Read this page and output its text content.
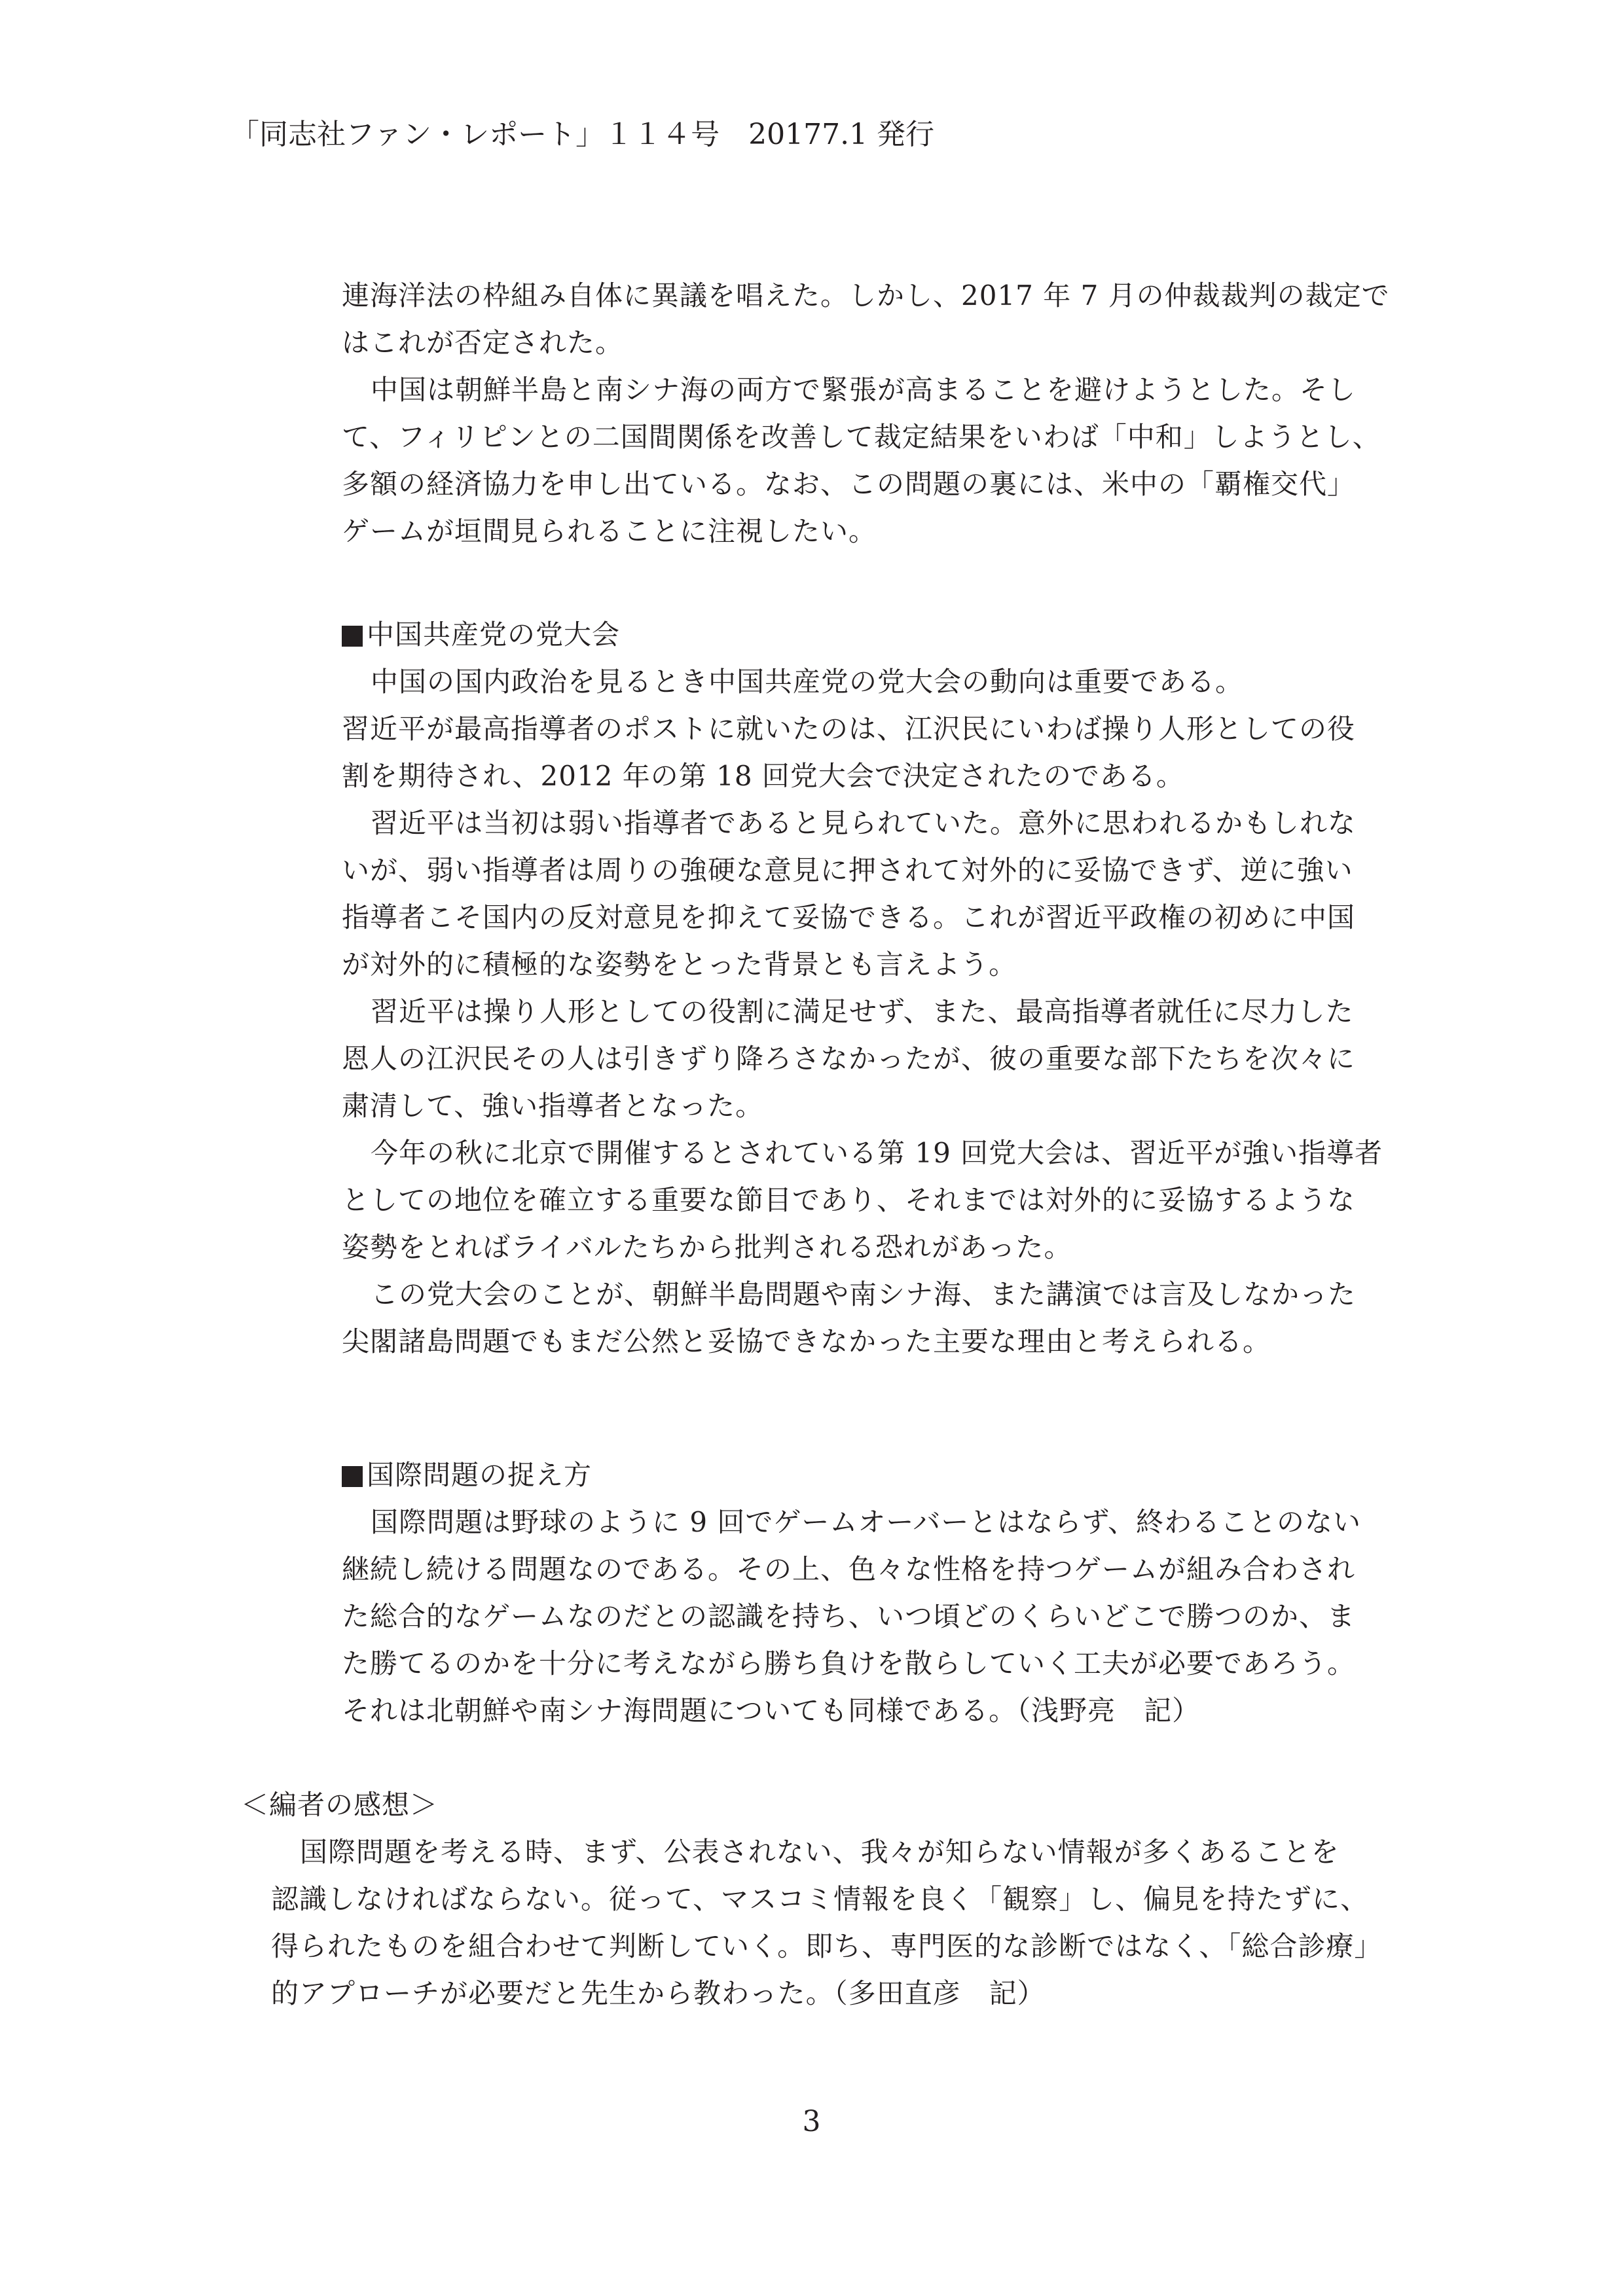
「同志社ファン・レポート」１１４号　20177.1 発行
連海洋法の枠組み自体に異議を唱えた。しかし、2017 年 7 月の仲裁裁判の裁定で
はこれが否定された。
中国は朝鮮半島と南シナ海の両方で緊張が高まることを避けようとした。そし
て、フィリピンとの二国間関係を改善して裁定結果をいわば「中和」しようとし、
多額の経済協力を申し出ている。なお、この問題の裏には、米中の「覇権交代」
ゲームが垣間見られることに注視したい。
中国共産党の党大会
中国の国内政治を見るとき中国共産党の党大会の動向は重要である。
習近平が最高指導者のポストに就いたのは、江沢民にいわば操り人形としての役
割を期待され、2012 年の第 18 回党大会で決定されたのである。
習近平は当初は弱い指導者であると見られていた。意外に思われるかもしれな
いが、弱い指導者は周りの強硬な意見に押されて対外的に妥協できず、逆に強い
指導者こそ国内の反対意見を抑えて妥協できる。これが習近平政権の初めに中国
が対外的に積極的な姿勢をとった背景とも言えよう。
習近平は操り人形としての役割に満足せず、また、最高指導者就任に尽力した
恩人の江沢民その人は引きずり降ろさなかったが、彼の重要な部下たちを次々に
粛清して、強い指導者となった。
今年の秋に北京で開催するとされている第 19 回党大会は、習近平が強い指導者
としての地位を確立する重要な節目であり、それまでは対外的に妥協するような
姿勢をとればライバルたちから批判される恐れがあった。
この党大会のことが、朝鮮半島問題や南シナ海、また講演では言及しなかった
尖閣諸島問題でもまだ公然と妥協できなかった主要な理由と考えられる。
国際問題の捉え方
国際問題は野球のように 9 回でゲームオーバーとはならず、終わることのない
継続し続ける問題なのである。その上、色々な性格を持つゲームが組み合わされ
た総合的なゲームなのだとの認識を持ち、いつ頃どのくらいどこで勝つのか、ま
た勝てるのかを十分に考えながら勝ち負けを散らしていく工夫が必要であろう。
それは北朝鮮や南シナ海問題についても同様である。（浅野亮　記）
＜編者の感想＞
国際問題を考える時、まず、公表されない、我々が知らない情報が多くあることを
認識しなければならない。従って、マスコミ情報を良く「観察」し、偏見を持たずに、
得られたものを組合わせて判断していく。即ち、専門医的な診断ではなく、「総合診療」
的アプローチが必要だと先生から教わった。（多田直彦　記）
3
